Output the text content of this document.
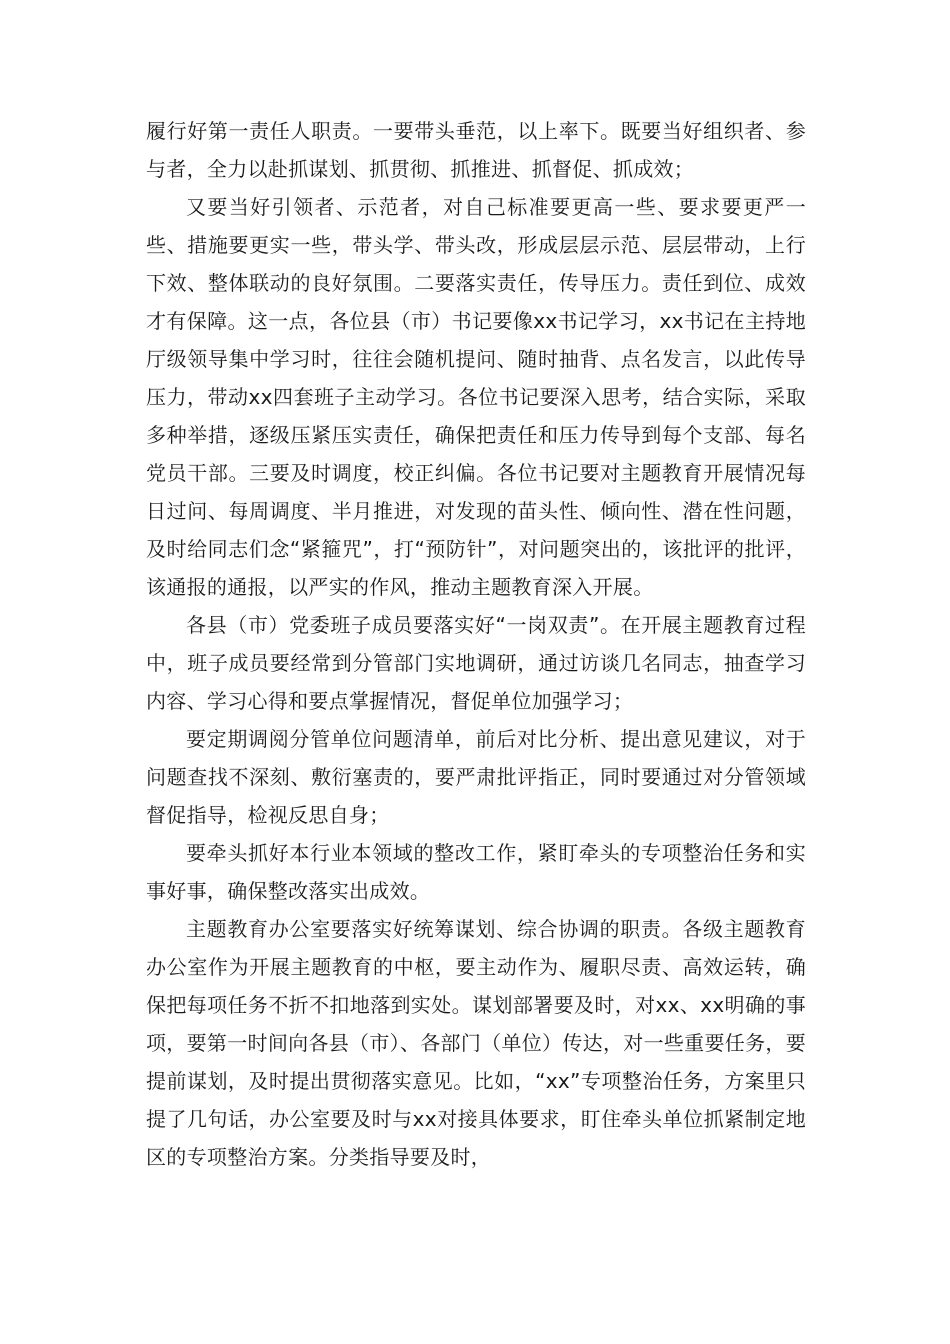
履行好第一责任人职责。一要带头垂范，以上率下。既要当好组织者、参与者，全力以赴抓谋划、抓贯彻、抓推进、抓督促、抓成效；

又要当好引领者、示范者，对自己标准要更高一些、要求要更严一些、措施要更实一些，带头学、带头改，形成层层示范、层层带动，上行下效、整体联动的良好氛围。二要落实责任，传导压力。责任到位、成效才有保障。这一点，各位县（市）书记要像xx书记学习，xx书记在主持地厅级领导集中学习时，往往会随机提问、随时抽背、点名发言，以此传导压力，带动xx四套班子主动学习。各位书记要深入思考，结合实际，采取多种举措，逐级压紧压实责任，确保把责任和压力传导到每个支部、每名党员干部。三要及时调度，校正纠偏。各位书记要对主题教育开展情况每日过问、每周调度、半月推进，对发现的苗头性、倾向性、潜在性问题，及时给同志们念“紧箍咒”，打“预防针”，对问题突出的，该批评的批评，该通报的通报，以严实的作风，推动主题教育深入开展。

各县（市）党委班子成员要落实好“一岗双责”。在开展主题教育过程中，班子成员要经常到分管部门实地调研，通过访谈几名同志，抽查学习内容、学习心得和要点掌握情况，督促单位加强学习；

要定期调阅分管单位问题清单，前后对比分析、提出意见建议，对于问题查找不深刻、敷衍塞责的，要严肃批评指正，同时要通过对分管领域督促指导，检视反思自身；

要牵头抓好本行业本领域的整改工作，紧盯牵头的专项整治任务和实事好事，确保整改落实出成效。

主题教育办公室要落实好统筹谋划、综合协调的职责。各级主题教育办公室作为开展主题教育的中枢，要主动作为、履职尽责、高效运转，确保把每项任务不折不扣地落到实处。谋划部署要及时，对xx、xx明确的事项，要第一时间向各县（市）、各部门（单位）传达，对一些重要任务，要提前谋划，及时提出贯彻落实意见。比如，“xx”专项整治任务，方案里只提了几句话，办公室要及时与xx对接具体要求，盯住牵头单位抓紧制定地区的专项整治方案。分类指导要及时，
